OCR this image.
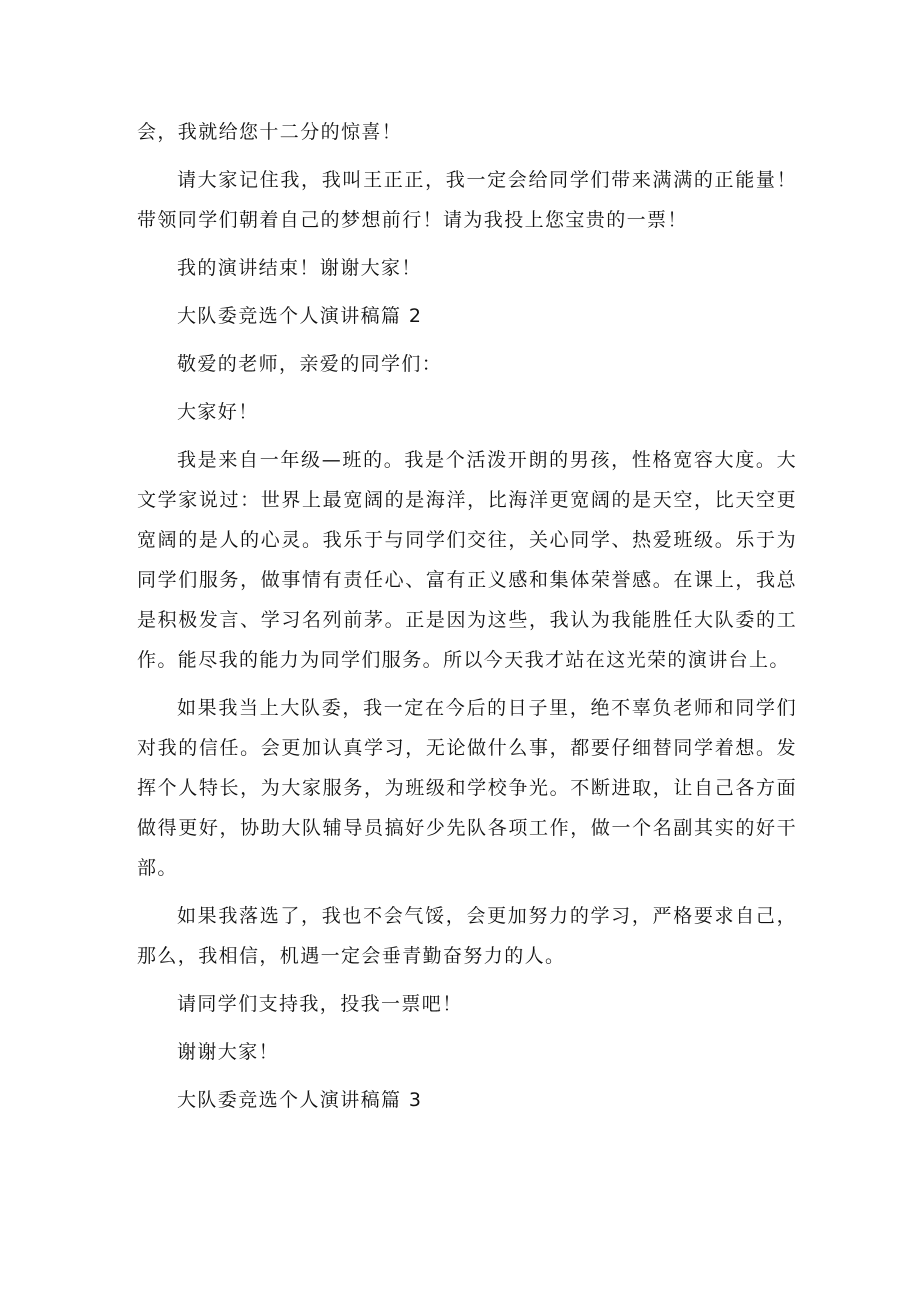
会，我就给您十二分的惊喜！

请大家记住我，我叫王正正，我一定会给同学们带来满满的正能量！带领同学们朝着自己的梦想前行！请为我投上您宝贵的一票！

我的演讲结束！谢谢大家！

大队委竞选个人演讲稿篇 2

敬爱的老师，亲爱的同学们：

大家好！

我是来自一年级—班的。我是个活泼开朗的男孩，性格宽容大度。大文学家说过：世界上最宽阔的是海洋，比海洋更宽阔的是天空，比天空更宽阔的是人的心灵。我乐于与同学们交往，关心同学、热爱班级。乐于为同学们服务，做事情有责任心、富有正义感和集体荣誉感。在课上，我总是积极发言、学习名列前茅。正是因为这些，我认为我能胜任大队委的工作。能尽我的能力为同学们服务。所以今天我才站在这光荣的演讲台上。

如果我当上大队委，我一定在今后的日子里，绝不辜负老师和同学们对我的信任。会更加认真学习，无论做什么事，都要仔细替同学着想。发挥个人特长，为大家服务，为班级和学校争光。不断进取，让自己各方面做得更好，协助大队辅导员搞好少先队各项工作，做一个名副其实的好干部。

如果我落选了，我也不会气馁，会更加努力的学习，严格要求自己，那么，我相信，机遇一定会垂青勤奋努力的人。

请同学们支持我，投我一票吧！

谢谢大家！

大队委竞选个人演讲稿篇 3
